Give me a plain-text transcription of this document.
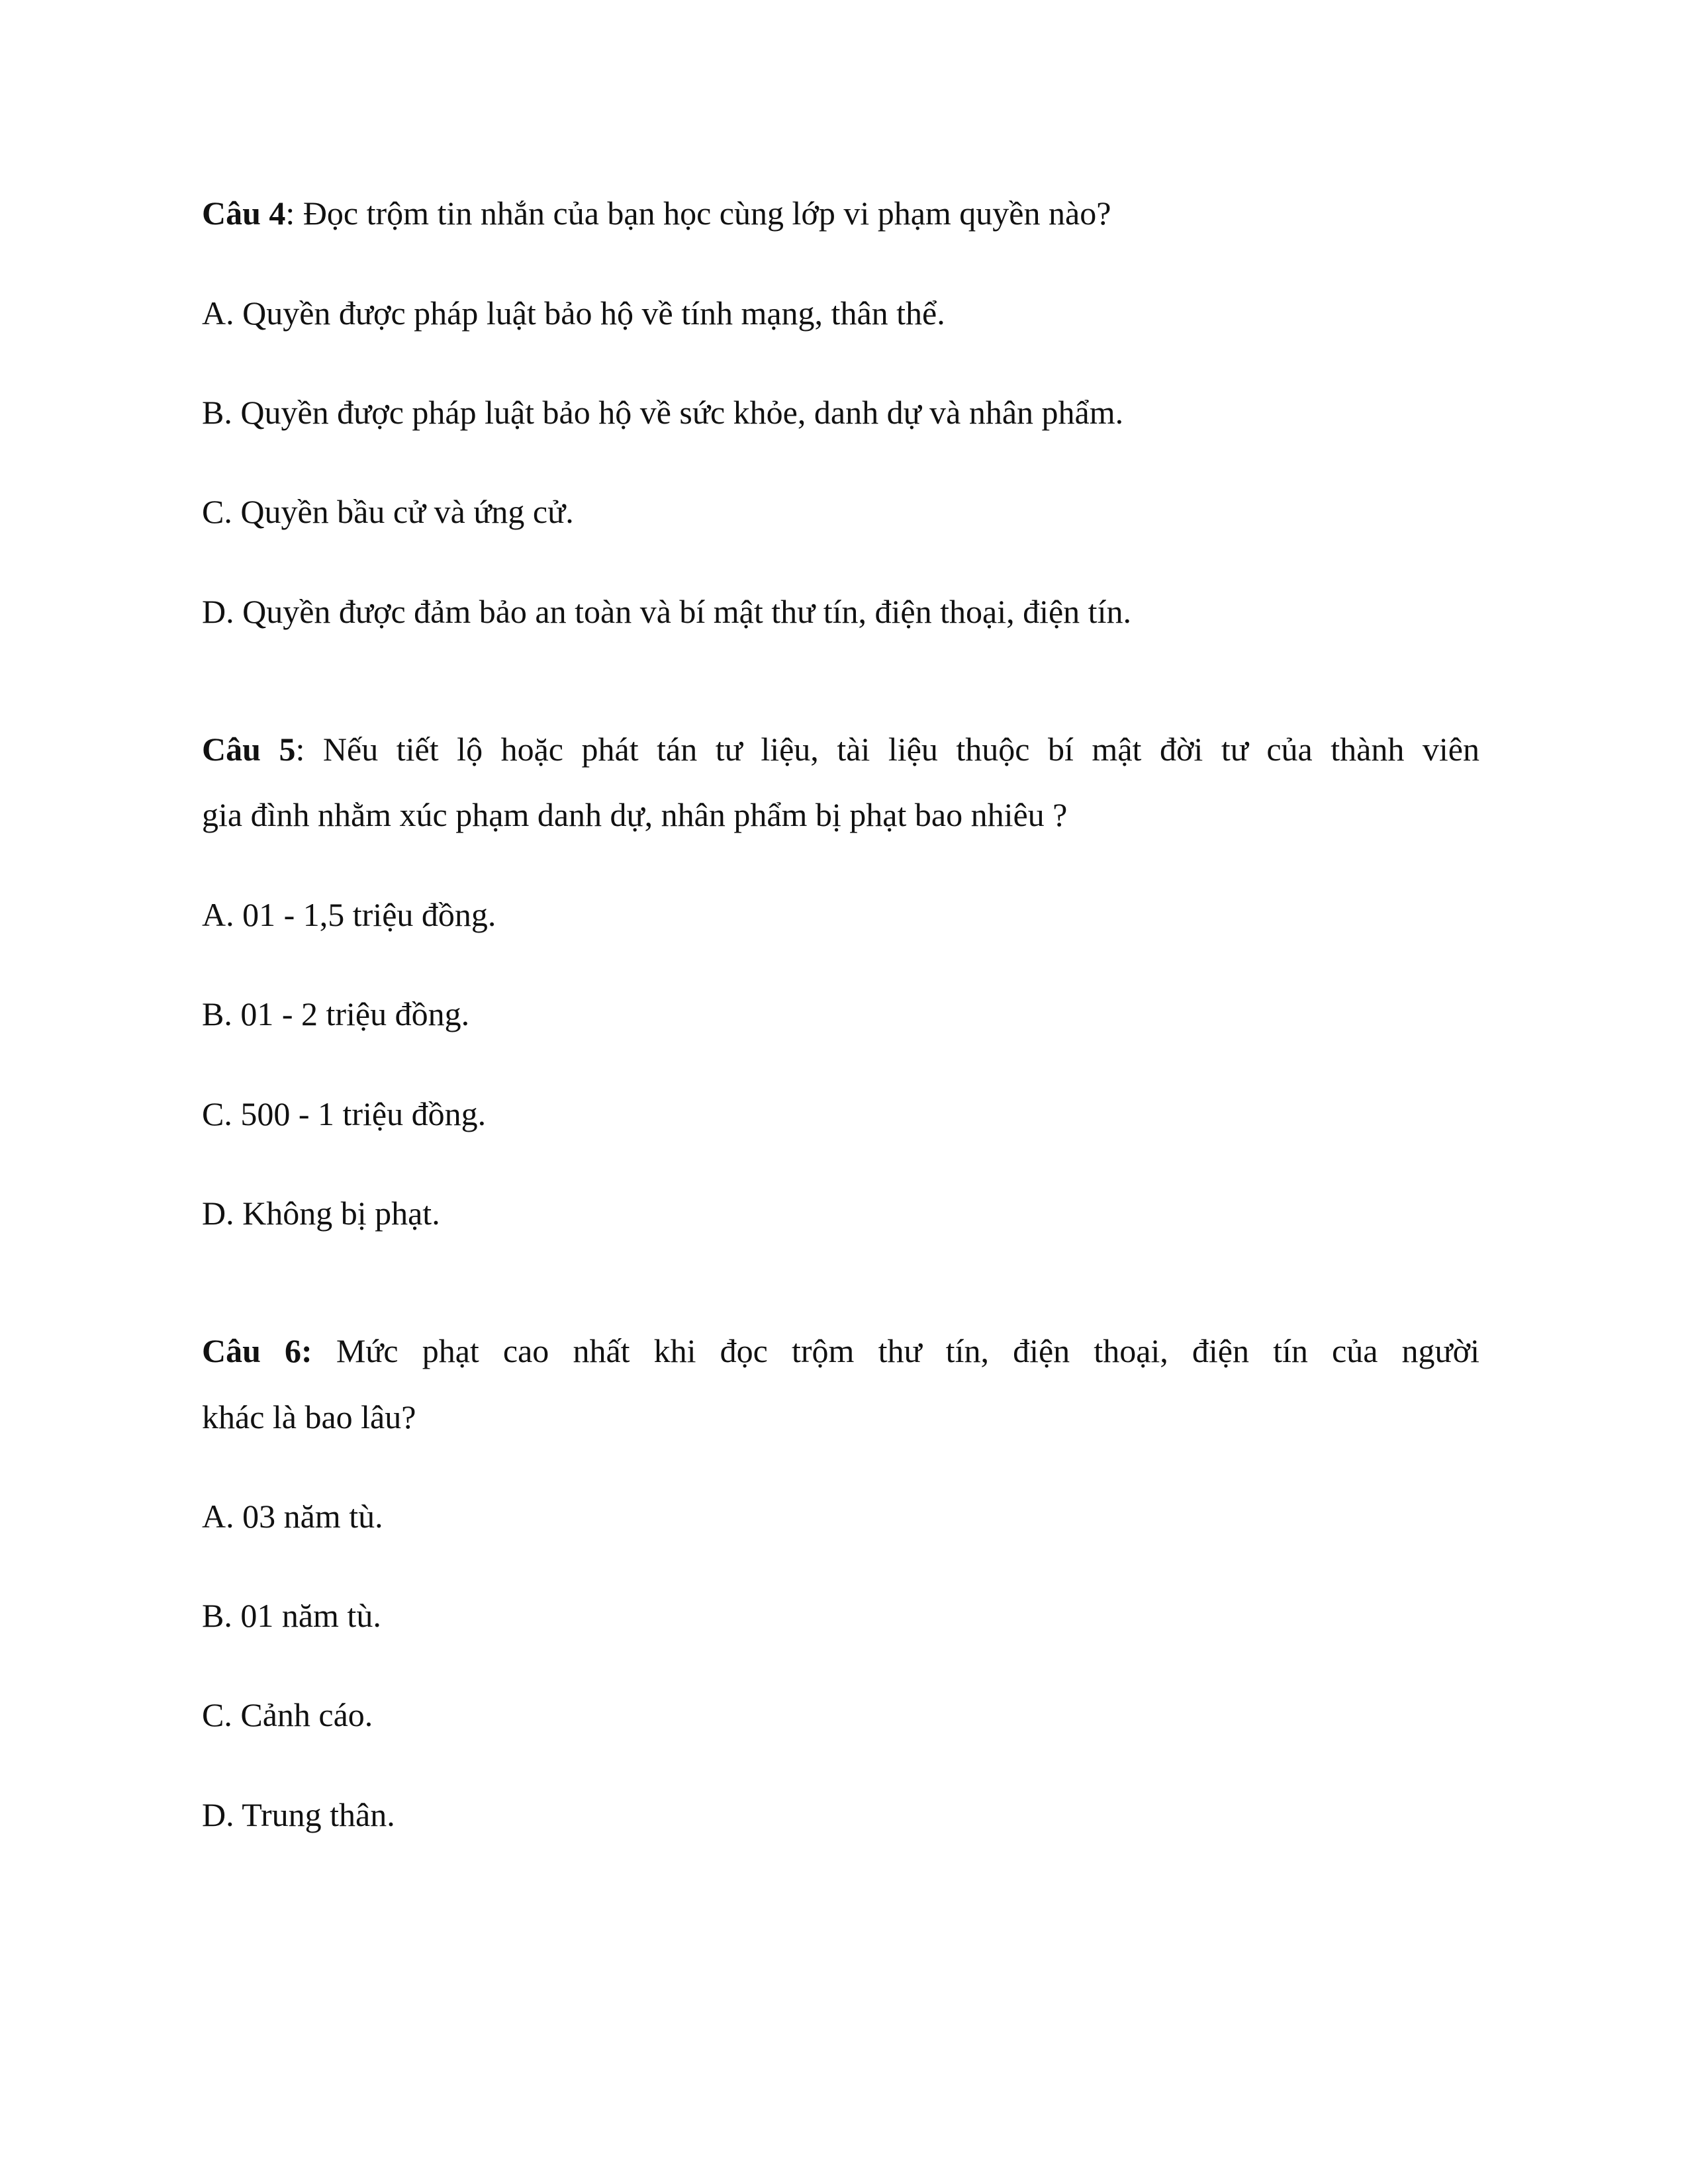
Câu 4: Đọc trộm tin nhắn của bạn học cùng lớp vi phạm quyền nào?
A. Quyền được pháp luật bảo hộ về tính mạng, thân thể.
B. Quyền được pháp luật bảo hộ về sức khỏe, danh dự và nhân phẩm.
C. Quyền bầu cử và ứng cử.
D. Quyền được đảm bảo an toàn và bí mật thư tín, điện thoại, điện tín.
Câu 5: Nếu tiết lộ hoặc phát tán tư liệu, tài liệu thuộc bí mật đời tư của thành viên
gia đình nhằm xúc phạm danh dự, nhân phẩm bị phạt bao nhiêu ?
A. 01 - 1,5 triệu đồng.
B. 01 - 2 triệu đồng.
C. 500 - 1 triệu đồng.
D. Không bị phạt.
Câu 6: Mức phạt cao nhất khi đọc trộm thư tín, điện thoại, điện tín của người
khác là bao lâu?
A. 03 năm tù.
B. 01 năm tù.
C. Cảnh cáo.
D. Trung thân.
